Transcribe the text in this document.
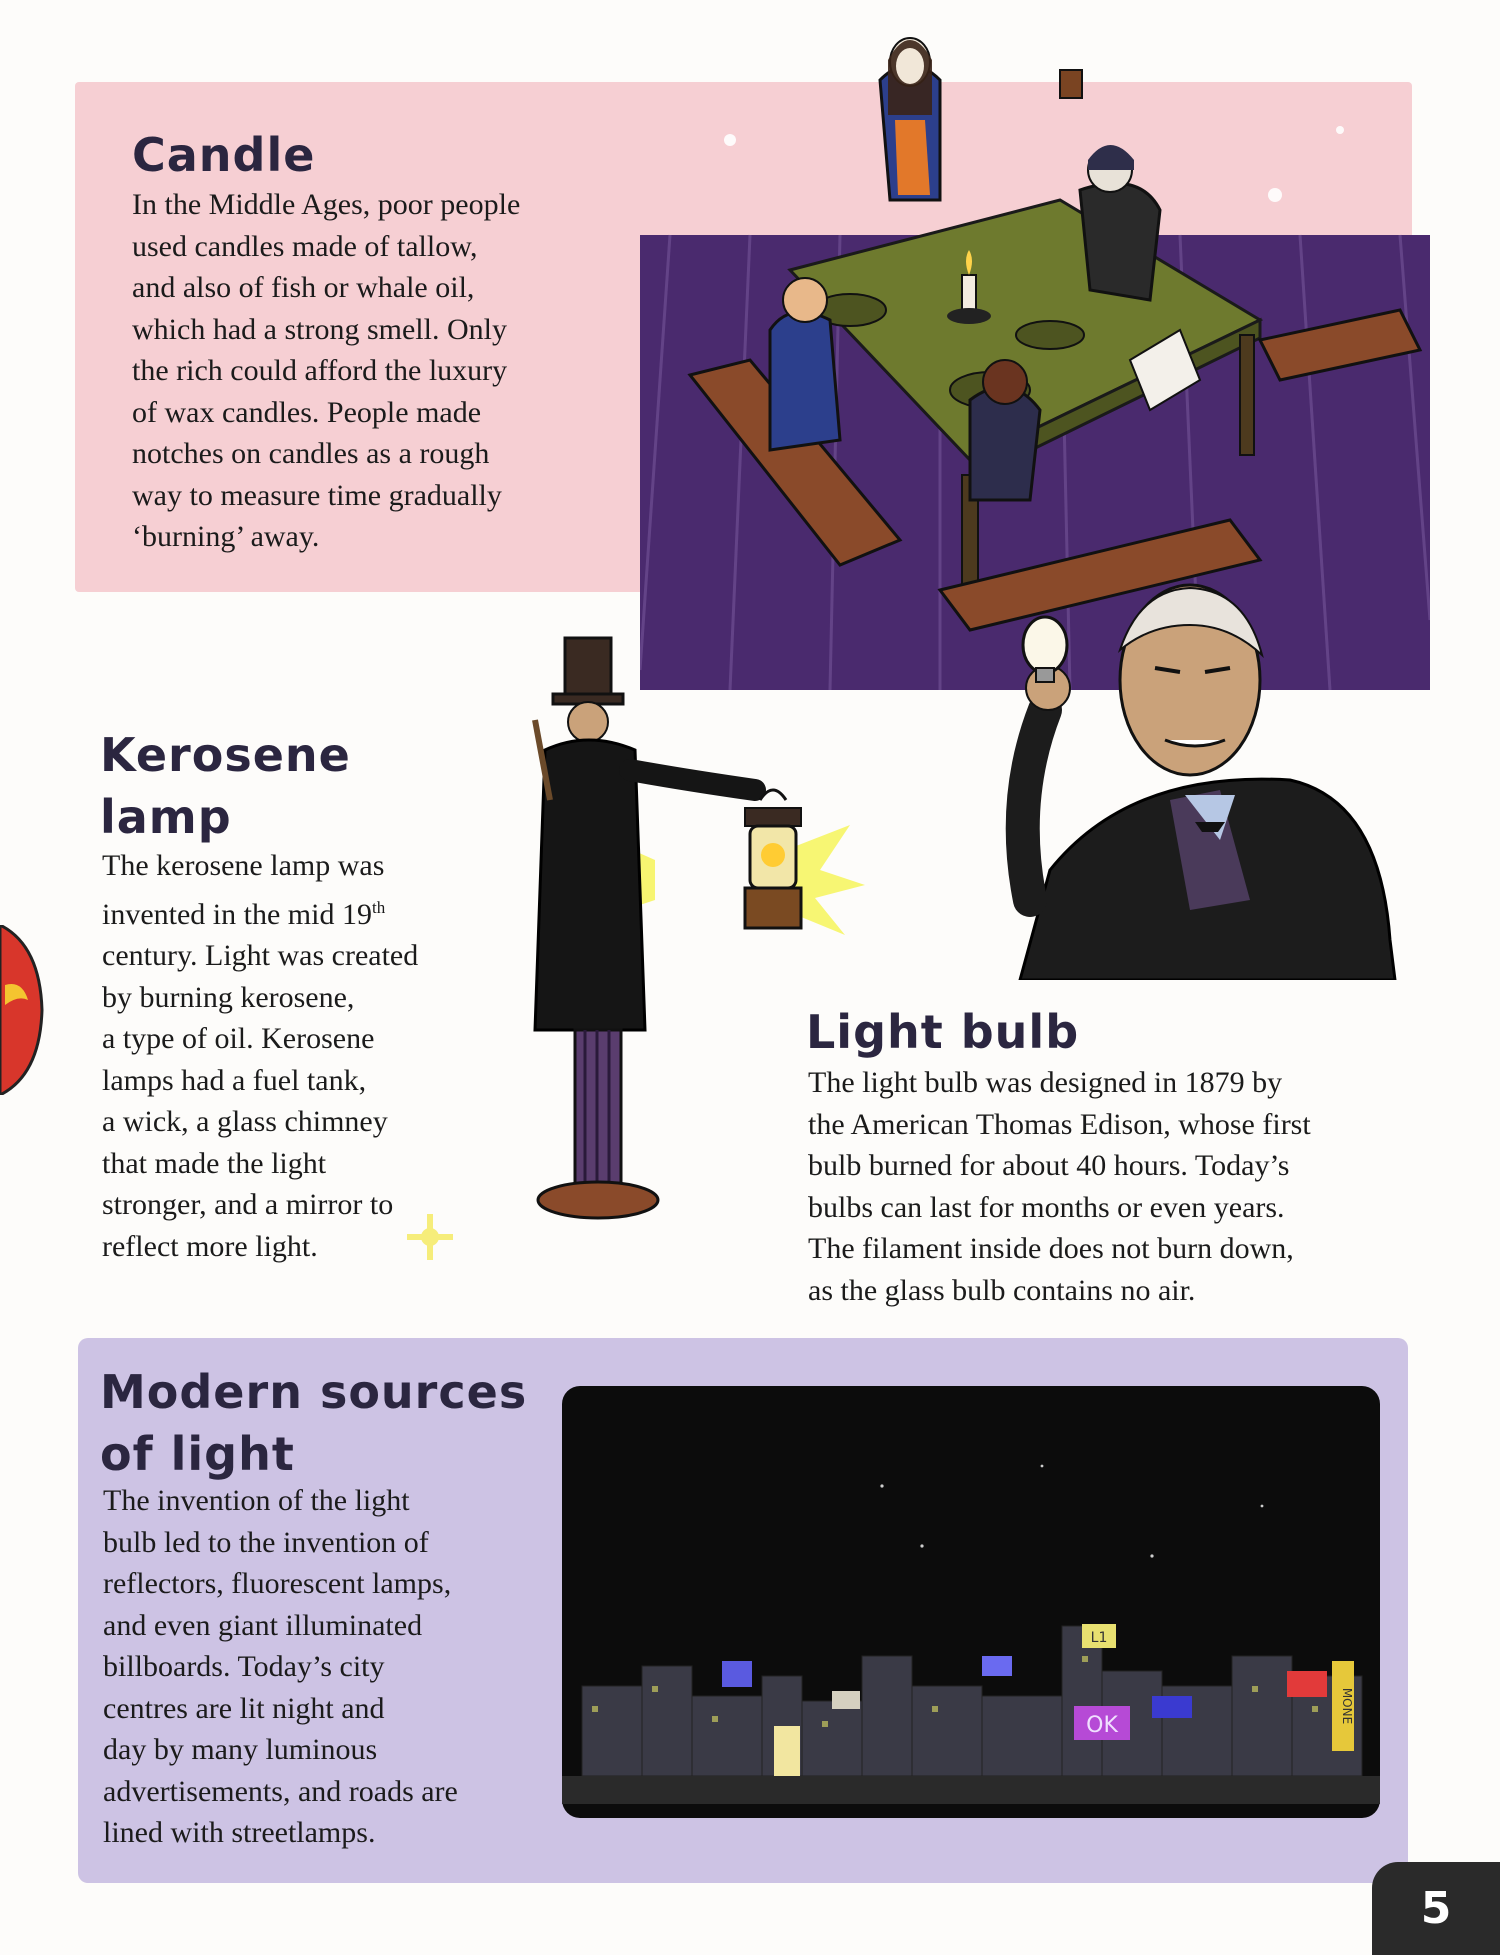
Candle

In the Middle Ages, poor people
used candles made of tallow,
and also of fish or whale oil,
which had a strong smell. Only
the rich could afford the luxury
of wax candles. People made
notches on candles as a rough
way to measure time gradually
‘burning’ away.

Kerosene
lamp

The kerosene lamp was
invented in the mid 19th
century. Light was created
by burning kerosene,
a type of oil. Kerosene
lamps had a fuel tank,
a wick, a glass chimney
that made the light
stronger, and a mirror to
reflect more light.

Light bulb

The light bulb was designed in 1879 by
the American Thomas Edison, whose first
bulb burned for about 40 hours. Today’s
bulbs can last for months or even years.
The filament inside does not burn down,
as the glass bulb contains no air.

Modern sources
of light

The invention of the light
bulb led to the invention of
reflectors, fluorescent lamps,
and even giant illuminated
billboards. Today’s city
centres are lit night and
day by many luminous
advertisements, and roads are
lined with streetlamps.

L1
OK
MONE
5
